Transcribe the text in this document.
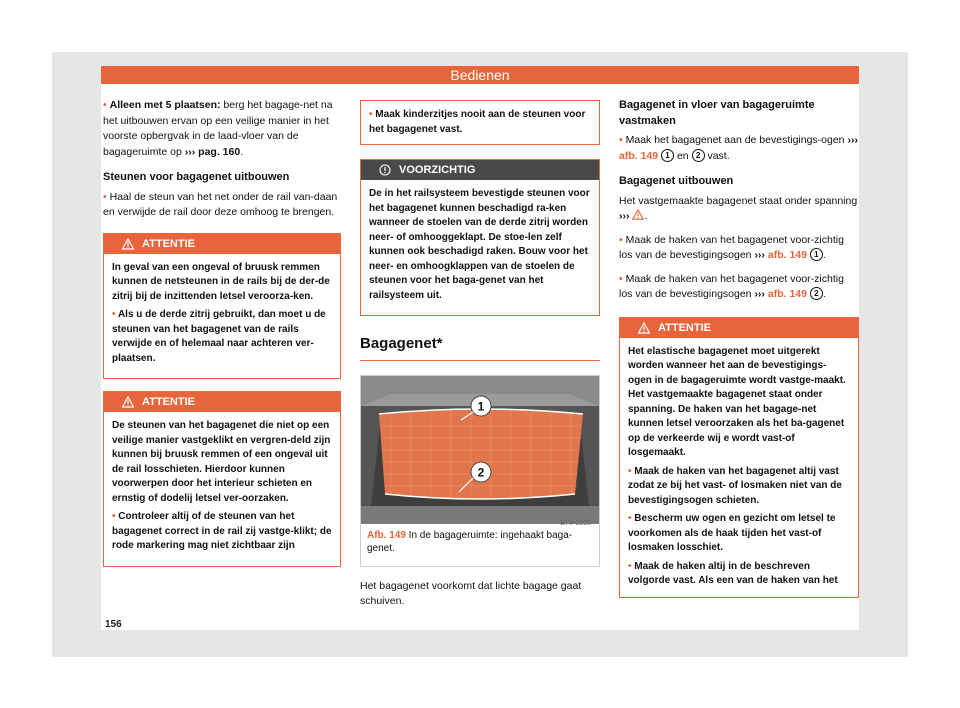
Bedienen

• Alleen met 5 plaatsen: berg het bagage-net na het uitbouwen ervan op een veilige manier in het voorste opbergvak in de laad-vloer van de bagageruimte op ››› pag. 160.

Steunen voor bagagenet uitbouwen

• Haal de steun van het net onder de rail van-daan en verwijde de rail door deze omhoog te brengen.

ATTENTIE

In geval van een ongeval of bruusk remmen kunnen de netsteunen in de rails bij de der-de zitrij bij de inzittenden letsel veroorza-ken.

• Als u de derde zitrij gebruikt, dan moet u de steunen van het bagagenet van de rails verwijde en of helemaal naar achteren ver-plaatsen.

ATTENTIE

De steunen van het bagagenet die niet op een veilige manier vastgeklikt en vergren-deld zijn kunnen bij bruusk remmen of een ongeval uit de rail losschieten. Hierdoor kunnen voorwerpen door het interieur schieten en ernstig of dodelij letsel ver-oorzaken.

• Controleer altij of de steunen van het bagagenet correct in de rail zij vastge-klikt; de rode markering mag niet zichtbaar zijn

• Maak kinderzitjes nooit aan de steunen voor het bagagenet vast.
VOORZICHTIG

De in het railsysteem bevestigde steunen voor het bagagenet kunnen beschadigd ra-ken wanneer de stoelen van de derde zitrij worden neer- of omhooggeklapt. De stoe-len zelf kunnen ook beschadigd raken. Bouw voor het neer- en omhoogklappen van de stoelen de steunen voor het baga-genet van het railsysteem uit.

Bagagenet*
1
2
B7V-0950
Afb. 149 In de bagageruimte: ingehaakt baga-genet.

Het bagagenet voorkomt dat lichte bagage gaat schuiven.

Bagagenet in vloer van bagageruimte vastmaken

• Maak het bagagenet aan de bevestigings-ogen ››› afb. 149 1 en 2 vast.

Bagagenet uitbouwen

Het vastgemaakte bagagenet staat onder spanning ››› .

• Maak de haken van het bagagenet voor-zichtig los van de bevestigingsogen ››› afb. 149 1 .

• Maak de haken van het bagagenet voor-zichtig los van de bevestigingsogen ››› afb. 149 2 .

ATTENTIE

Het elastische bagagenet moet uitgerekt worden wanneer het aan de bevestigings-ogen in de bagageruimte wordt vastge-maakt. Het vastgemaakte bagagenet staat onder spanning. De haken van het bagage-net kunnen letsel veroorzaken als het ba-gagenet op de verkeerde wij e wordt vast-of losgemaakt.

• Maak de haken van het bagagenet altij vast zodat ze bij het vast- of losmaken niet van de bevestigingsogen schieten.

• Bescherm uw ogen en gezicht om letsel te voorkomen als de haak tijden het vast-of losmaken losschiet.

• Maak de haken altij in de beschreven volgorde vast. Als een van de haken van het

156
